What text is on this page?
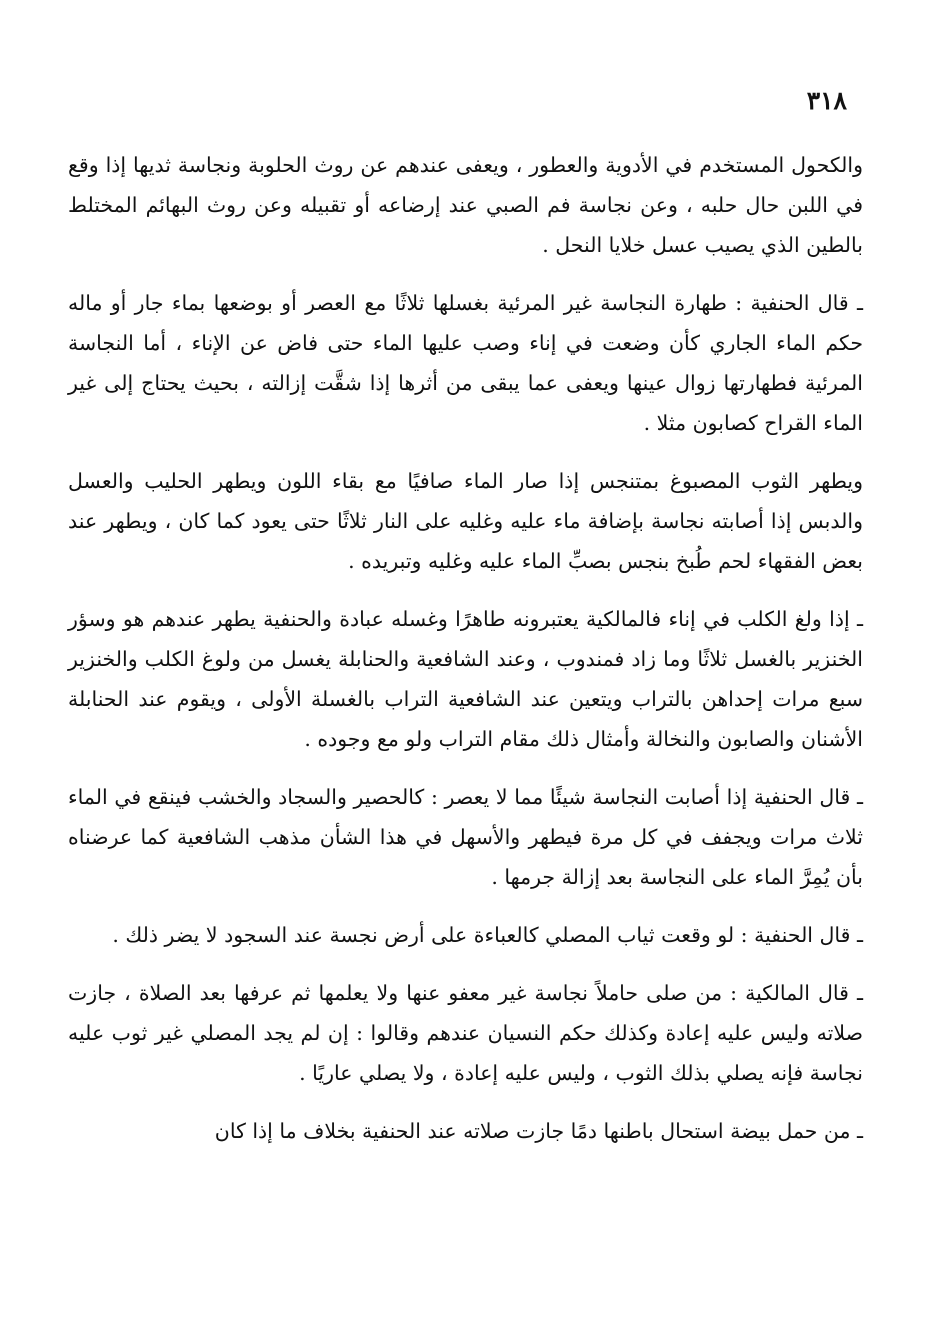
٣١٨

والكحول المستخدم في الأدوية والعطور ، ويعفى عندهم عن روث الحلوبة ونجاسة ثديها إذا وقع في اللبن حال حلبه ، وعن نجاسة فم الصبي عند إرضاعه أو تقبيله وعن روث البهائم المختلط بالطين الذي يصيب عسل خلايا النحل .

ـ قال الحنفية : طهارة النجاسة غير المرئية بغسلها ثلاثًا مع العصر أو بوضعها بماء جار أو ماله حكم الماء الجاري كأن وضعت في إناء وصب عليها الماء حتى فاض عن الإناء ، أما النجاسة المرئية فطهارتها زوال عينها ويعفى عما يبقى من أثرها إذا شقَّت إزالته ، بحيث يحتاج إلى غير الماء القراح كصابون مثلا .

ويطهر الثوب المصبوغ بمتنجس إذا صار الماء صافيًا مع بقاء اللون ويطهر الحليب والعسل والدبس إذا أصابته نجاسة بإضافة ماء عليه وغليه على النار ثلاثًا حتى يعود كما كان ، ويطهر عند بعض الفقهاء لحم طُبخ بنجس بصبِّ الماء عليه وغليه وتبريده .

ـ إذا ولغ الكلب في إناء فالمالكية يعتبرونه طاهرًا وغسله عبادة والحنفية يطهر عندهم هو وسؤر الخنزير بالغسل ثلاثًا وما زاد فمندوب ، وعند الشافعية والحنابلة يغسل من ولوغ الكلب والخنزير سبع مرات إحداهن بالتراب ويتعين عند الشافعية التراب بالغسلة الأولى ، ويقوم عند الحنابلة الأشنان والصابون والنخالة وأمثال ذلك مقام التراب ولو مع وجوده .

ـ قال الحنفية إذا أصابت النجاسة شيئًا مما لا يعصر : كالحصير والسجاد والخشب فينقع في الماء ثلاث مرات ويجفف في كل مرة فيطهر والأسهل في هذا الشأن مذهب الشافعية كما عرضناه بأن يُمِرَّ الماء على النجاسة بعد إزالة جرمها .

ـ قال الحنفية : لو وقعت ثياب المصلي كالعباءة على أرض نجسة عند السجود لا يضر ذلك .

ـ قال المالكية : من صلى حاملاً نجاسة غير معفو عنها ولا يعلمها ثم عرفها بعد الصلاة ، جازت صلاته وليس عليه إعادة وكذلك حكم النسيان عندهم وقالوا : إن لم يجد المصلي غير ثوب عليه نجاسة فإنه يصلي بذلك الثوب ، وليس عليه إعادة ، ولا يصلي عاريًا .

ـ من حمل بيضة استحال باطنها دمًا جازت صلاته عند الحنفية بخلاف ما إذا كان
